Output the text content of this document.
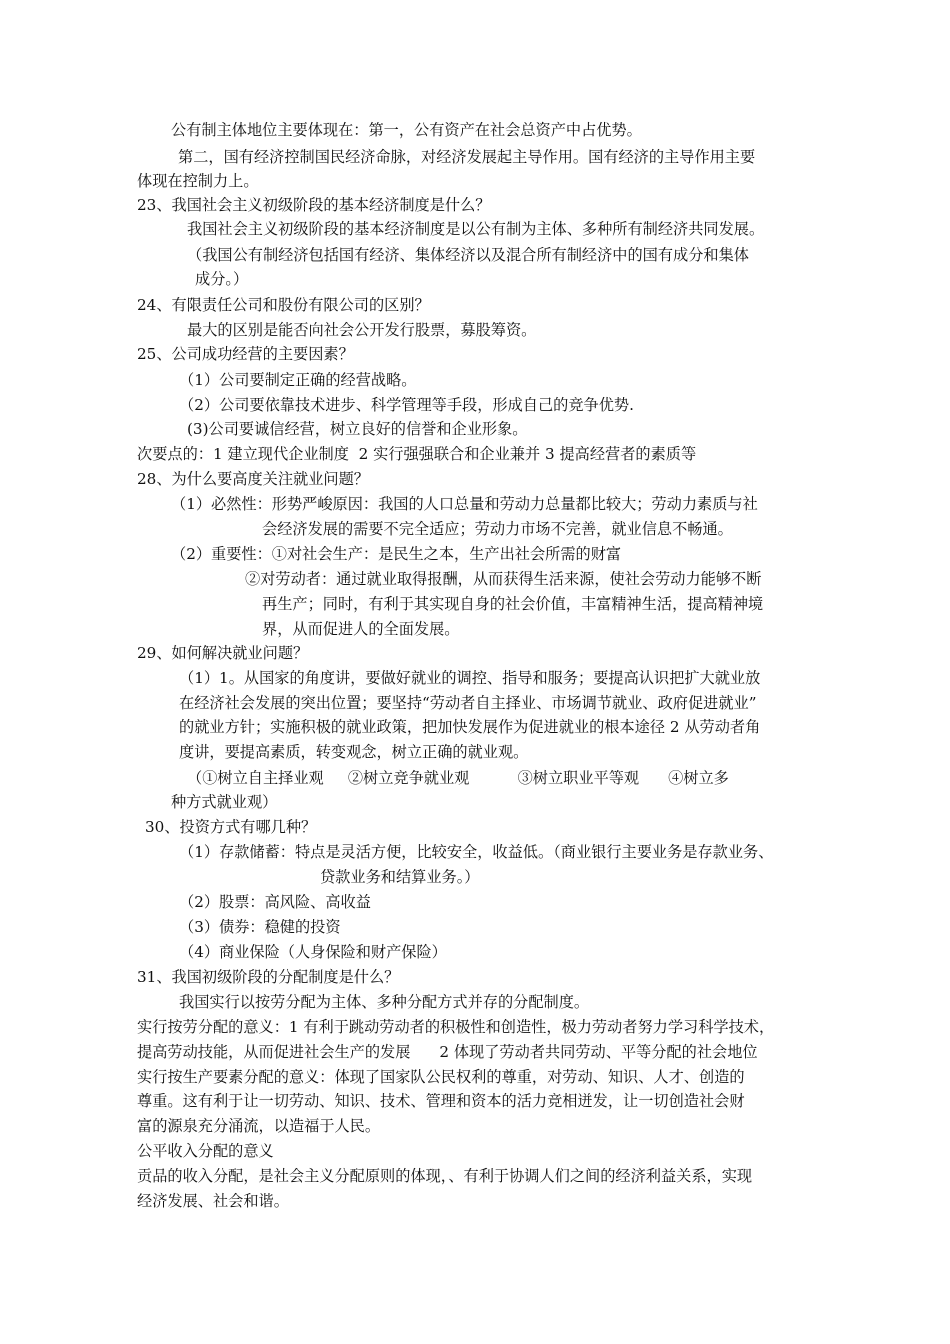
公有制主体地位主要体现在：第一，公有资产在社会总资产中占优势。
第二，国有经济控制国民经济命脉，对经济发展起主导作用。国有经济的主导作用主要
体现在控制力上。
23、我国社会主义初级阶段的基本经济制度是什么？
我国社会主义初级阶段的基本经济制度是以公有制为主体、多种所有制经济共同发展。
（我国公有制经济包括国有经济、集体经济以及混合所有制经济中的国有成分和集体
成分。）
24、有限责任公司和股份有限公司的区别？
最大的区别是能否向社会公开发行股票，募股筹资。
25、公司成功经营的主要因素？
（1）公司要制定正确的经营战略。
（2）公司要依靠技术进步、科学管理等手段，形成自己的竞争优势.
(3)公司要诚信经营，树立良好的信誉和企业形象。
次要点的：1 建立现代企业制度  2 实行强强联合和企业兼并 3 提高经营者的素质等
28、为什么要高度关注就业问题？
（1）必然性：形势严峻原因：我国的人口总量和劳动力总量都比较大；劳动力素质与社
会经济发展的需要不完全适应；劳动力市场不完善，就业信息不畅通。
（2）重要性：①对社会生产：是民生之本，生产出社会所需的财富
②对劳动者：通过就业取得报酬，从而获得生活来源，使社会劳动力能够不断
再生产；同时，有利于其实现自身的社会价值，丰富精神生活，提高精神境
界，从而促进人的全面发展。
29、如何解决就业问题？
（1）1。从国家的角度讲，要做好就业的调控、指导和服务；要提高认识把扩大就业放
在经济社会发展的突出位置；要坚持“劳动者自主择业、市场调节就业、政府促进就业”
的就业方针；实施积极的就业政策，把加快发展作为促进就业的根本途径 2 从劳动者角
度讲，要提高素质，转变观念，树立正确的就业观。
（①树立自主择业观     ②树立竞争就业观          ③树立职业平等观      ④树立多
种方式就业观）
30、投资方式有哪几种？
（1）存款储蓄：特点是灵活方便，比较安全，收益低。（商业银行主要业务是存款业务、
贷款业务和结算业务。）
（2）股票：高风险、高收益
（3）债券：稳健的投资
（4）商业保险（人身保险和财产保险）
31、我国初级阶段的分配制度是什么？
我国实行以按劳分配为主体、多种分配方式并存的分配制度。
实行按劳分配的意义：1 有利于跳动劳动者的积极性和创造性，极力劳动者努力学习科学技术，
提高劳动技能，从而促进社会生产的发展      2 体现了劳动者共同劳动、平等分配的社会地位
实行按生产要素分配的意义：体现了国家队公民权利的尊重，对劳动、知识、人才、创造的
尊重。这有利于让一切劳动、知识、技术、管理和资本的活力竞相迸发，让一切创造社会财
富的源泉充分涌流，以造福于人民。
公平收入分配的意义
贡品的收入分配，是社会主义分配原则的体现，、有利于协调人们之间的经济利益关系，实现
经济发展、社会和谐。
